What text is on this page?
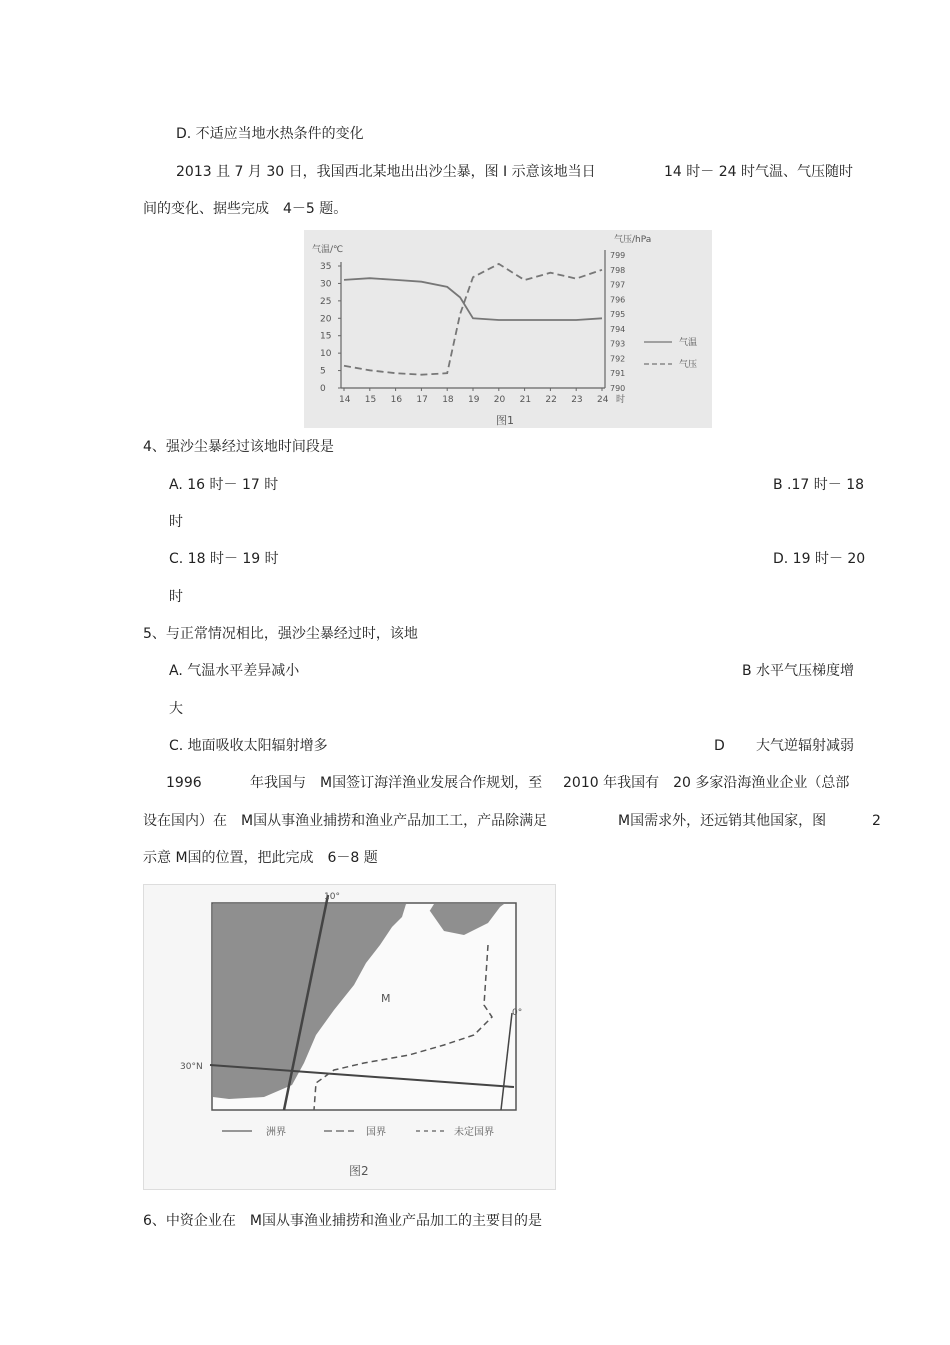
D. 不适应当地水热条件的变化
2013 且 7 月 30 日，我国西北某地出出沙尘暴，图 I 示意该地当日	14 时－ 24 时气温、气压随时
间的变化、据些完成　4－5 题。
气温/℃
气压/hPa
35
30
25
20
15
10
5
0
799
798
797
796
795
794
793
792
791
790
14 15 16 17 18 19 20 21 22 23 24 时
气温
气压
图1
4、强沙尘暴经过该地时间段是
A. 16 时－ 17 时	B .17 时－ 18
时
C. 18 时－ 19 时	D. 19 时－ 20
时
5、与正常情况相比，强沙尘暴经过时，该地
A. 气温水平差异减小	B 水平气压梯度增
大
C. 地面吸收太阳辐射增多	D 大气逆辐射减弱
1996	年我国与　M国签订海洋渔业发展合作规划，至 2010 年我国有　20 多家沿海渔业企业（总部
设在国内）在　M国从事渔业捕捞和渔业产品加工工，产品除满足	M国需求外，还远销其他国家，图	2
示意 M国的位置，把此完成　6－8 题
M
10°
30°N
0°
洲界	国界	未定国界
图2
6、中资企业在　M国从事渔业捕捞和渔业产品加工的主要目的是
